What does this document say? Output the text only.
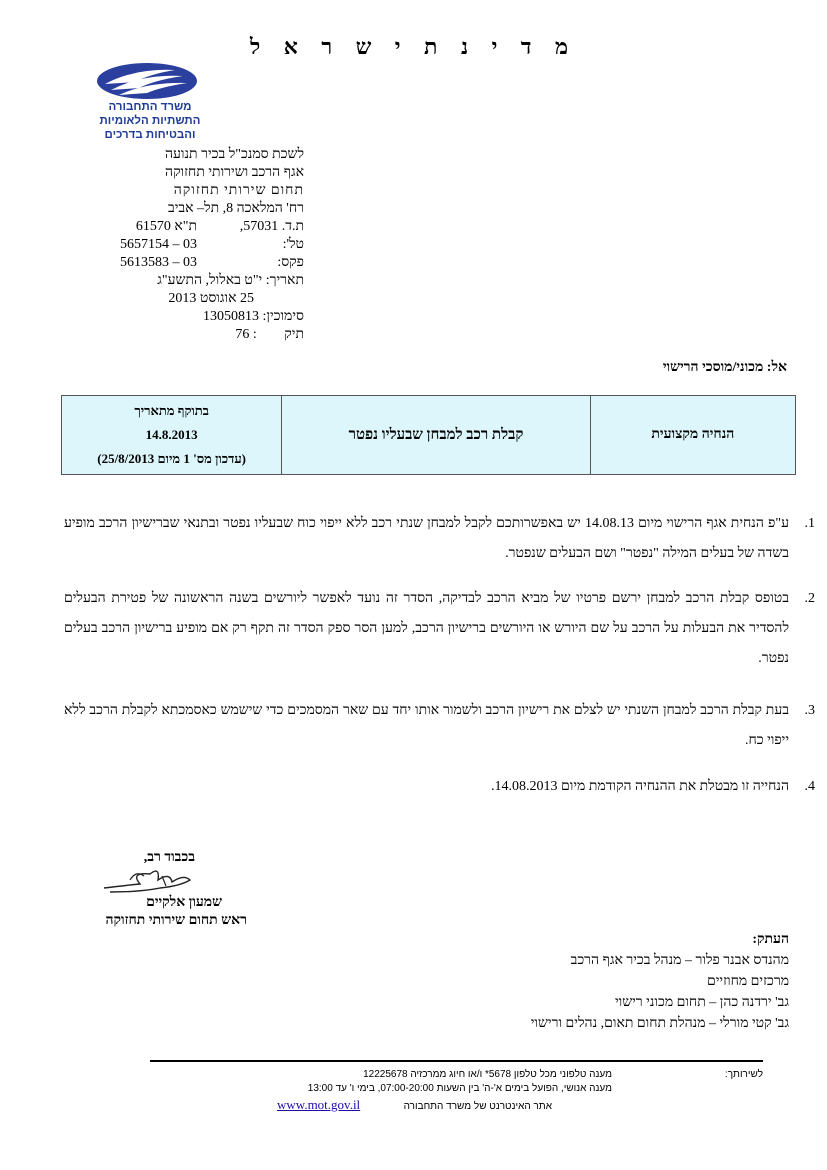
מ ד י נ ת י ש ר א ל
משרד התחבורה
התשתיות הלאומיות
והבטיחות בדרכים
לשכת סמנכ"ל בכיר תנועה
אגף הרכב ושירותי תחזוקה
תחום שירותי תחזוקה
רח' המלאכה 8, תל– אביב
ת.ד. 57031,	ת"א 61570
טל':	03 – 5657154
פקס:	03 – 5613583
תאריך: י"ט באלול, התשע"ג
25 אוגוסט 2013
סימוכין: 13050813
תיק : 76
אל: מכוני/מוסכי הרישוי
הנחיה מקצועית	קבלת רכב למבחן שבעליו נפטר	
בתוקף מתאריך
14.8.2013
(עדכון מס' 1 מיום 25/8/2013)
1.
ע"פ הנחית אגף הרישוי מיום 14.08.13 יש באפשרותכם לקבל למבחן שנתי רכב ללא ייפוי כוח שבעליו נפטר ובתנאי שברישיון הרכב מופיע בשדה של בעלים המילה "נפטר" ושם הבעלים שנפטר.
2.
בטופס קבלת הרכב למבחן ירשם פרטיו של מביא הרכב לבדיקה, הסדר זה נועד לאפשר ליורשים בשנה הראשונה של פטירת הבעלים להסדיר את הבעלות על הרכב על שם היורש או היורשים ברישיון הרכב, למען הסר ספק הסדר זה תקף רק אם מופיע ברישיון הרכב בעלים נפטר.
3.
בעת קבלת הרכב למבחן השנתי יש לצלם את רישיון הרכב ולשמור אותו יחד עם שאר המסמכים כדי שישמש כאסמכתא לקבלת הרכב ללא ייפוי כח.
4.
הנחייה זו מבטלת את ההנחיה הקודמת מיום 14.08.2013.
בכבוד רב,
שמעון אלקיים
ראש תחום שירותי תחזוקה
העתק:
מהנדס אבנר פלור – מנהל בכיר אגף הרכב
מרכזים מחוזיים
גב' ירדנה כהן – תחום מכוני רישוי
גב' קטי מורלי – מנהלת תחום תאום, נהלים ורישוי
לשירותך:
מענה טלפוני מכל טלפון 5678* ו/או חיוג ממרכזיה 12225678
מענה אנושי, הפועל בימים א'-ה' בין השעות 07:00-20:00, בימי ו' עד 13:00
אתר האינטרנט של משרד התחבורה
www.mot.gov.il
